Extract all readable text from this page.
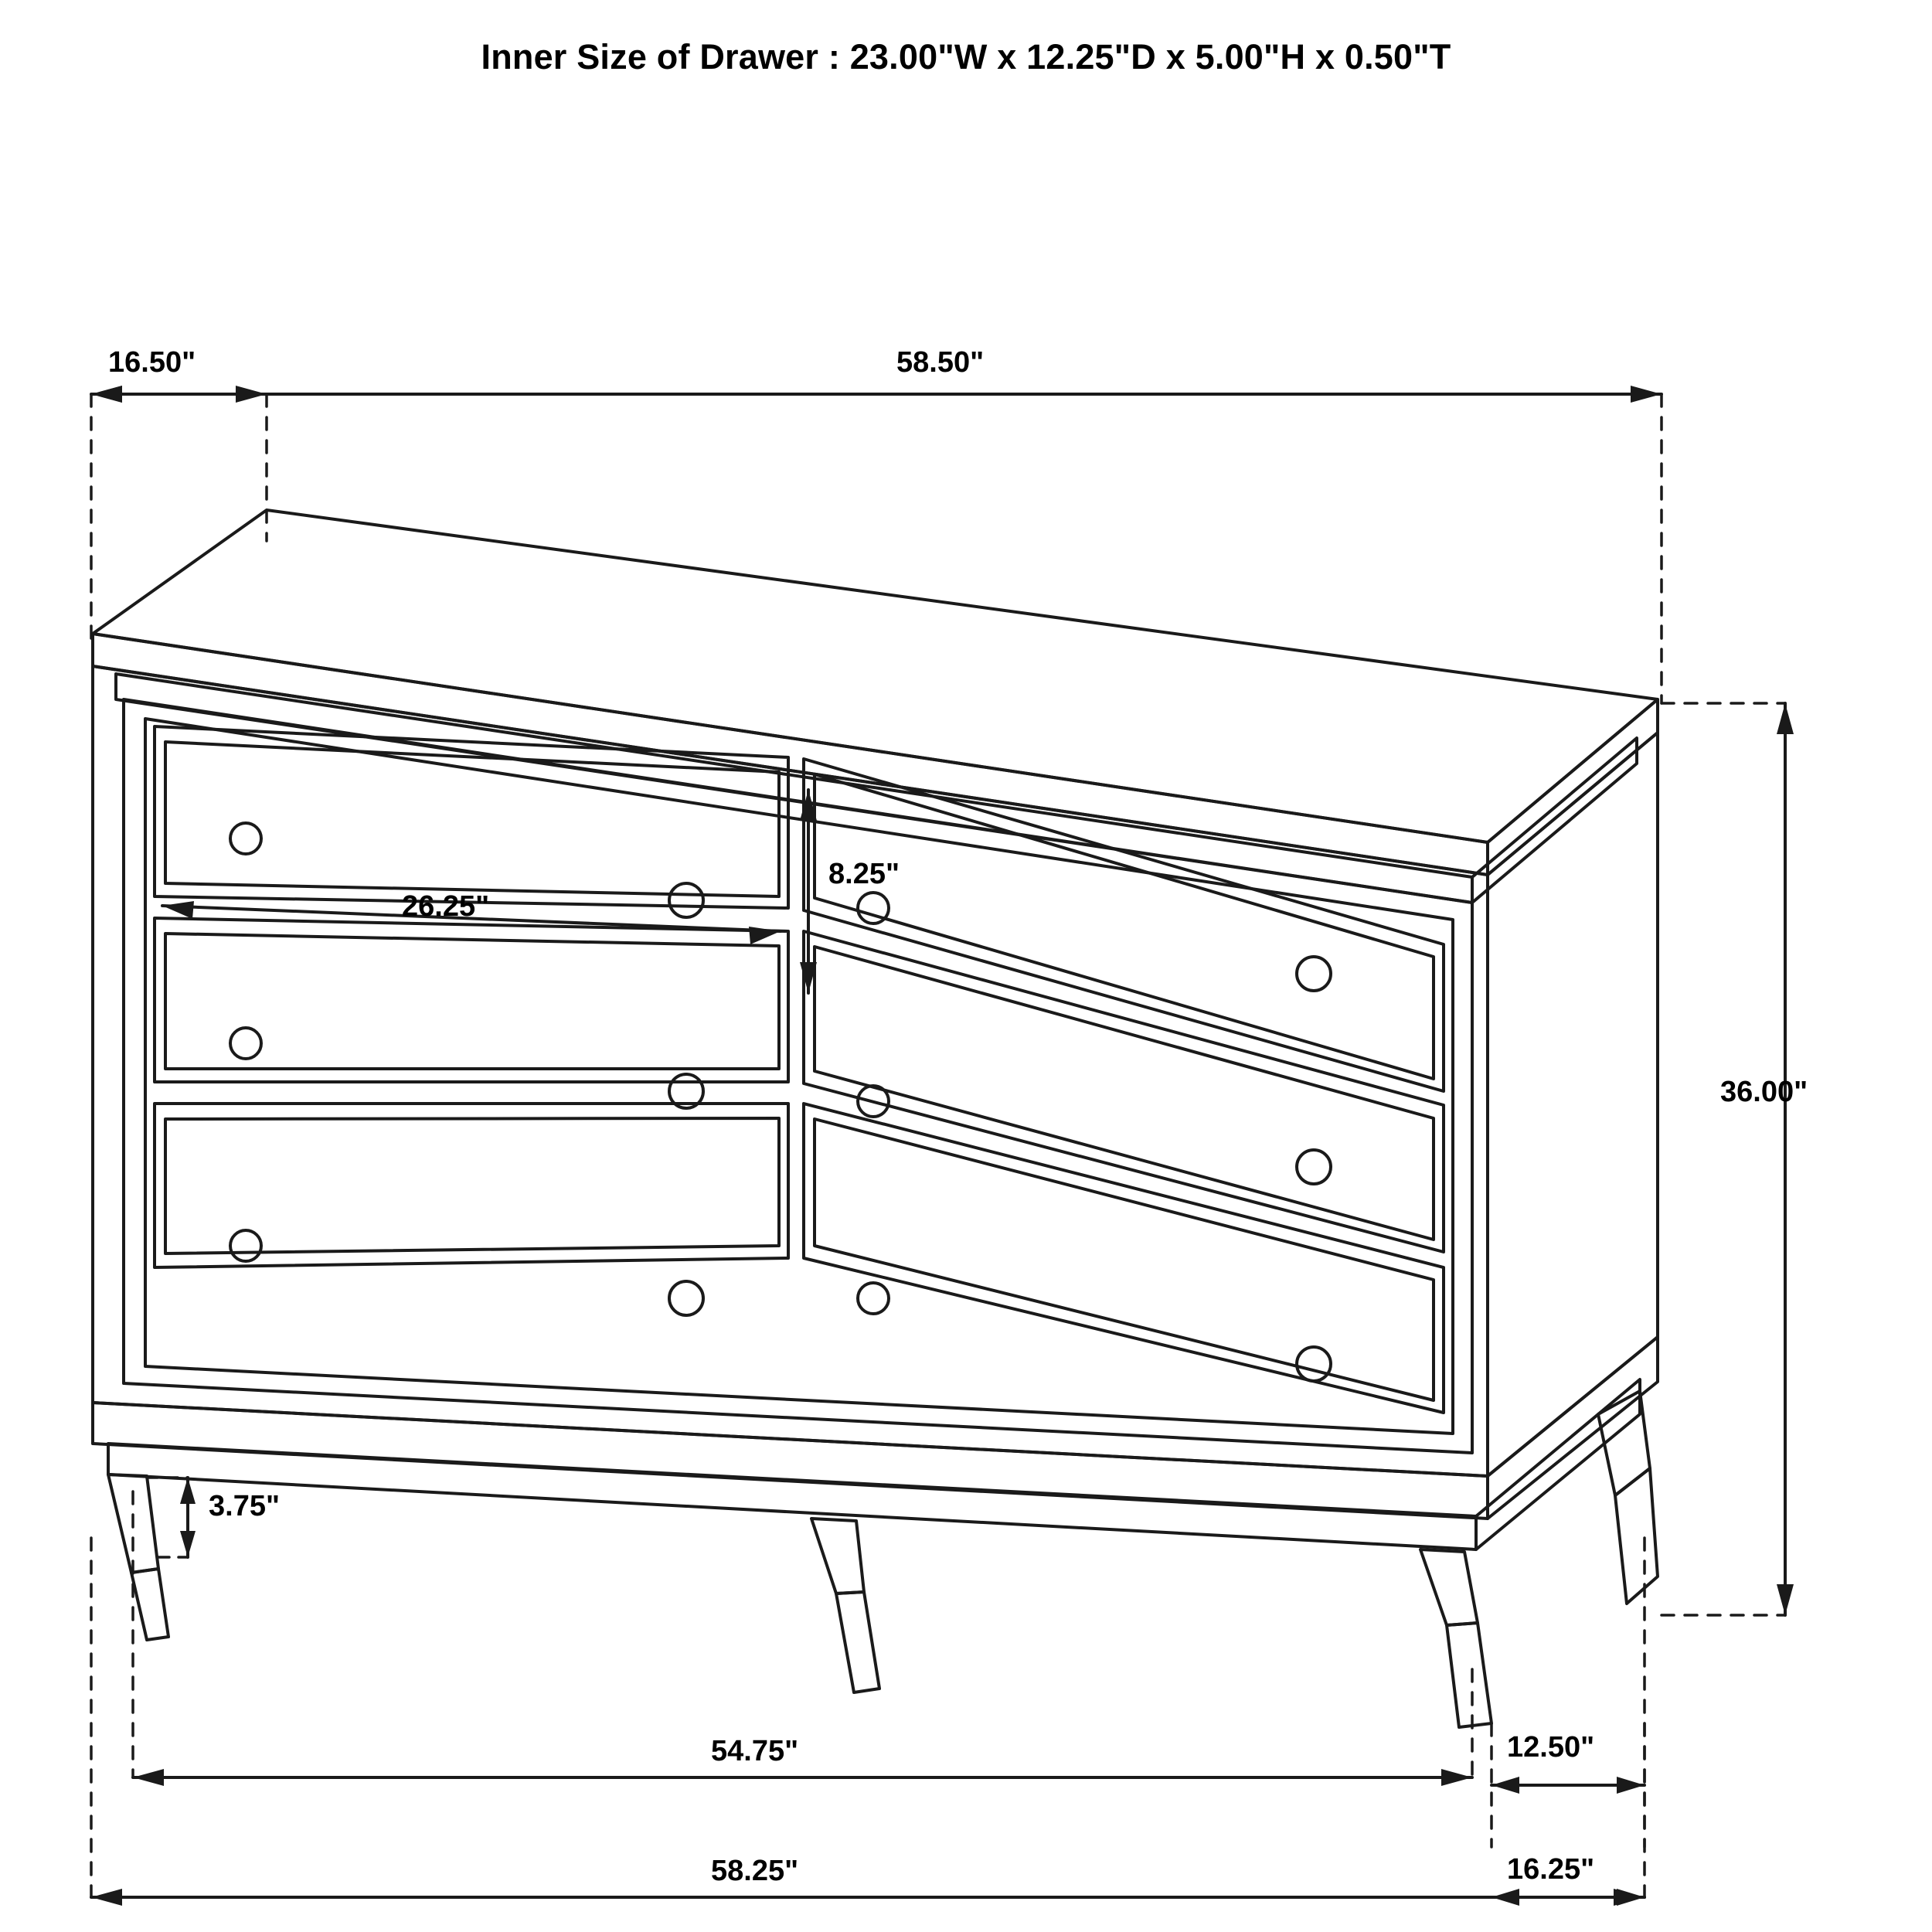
Inner Size of Drawer : 23.00"W x 12.25"D x 5.00"H x 0.50"T
16.50"	58.50"
26.25"
8.25"
36.00"
3.75"
54.75"
58.25"
12.50"
16.25"
